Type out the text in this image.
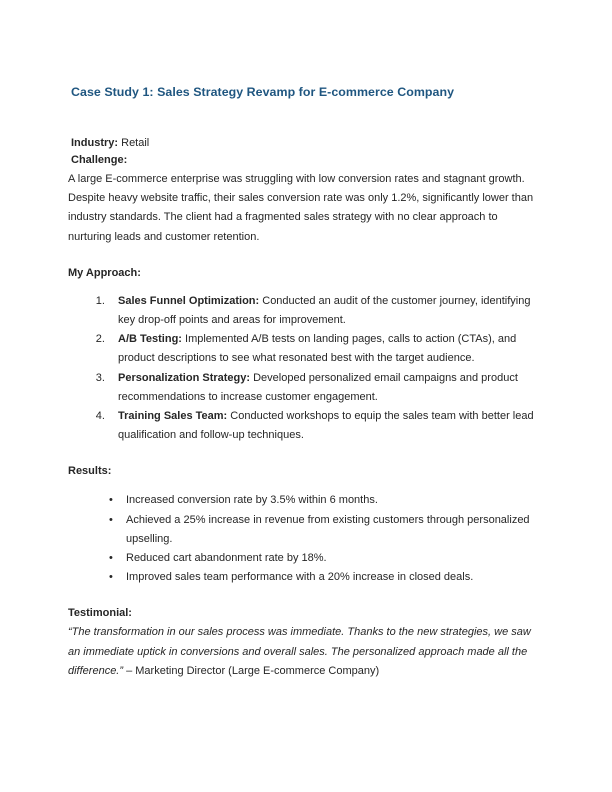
Case Study 1: Sales Strategy Revamp for E-commerce Company
Industry: Retail
Challenge:

A large E-commerce enterprise was struggling with low conversion rates and stagnant growth. Despite heavy website traffic, their sales conversion rate was only 1.2%, significantly lower than industry standards. The client had a fragmented sales strategy with no clear approach to nurturing leads and customer retention.

My Approach:
1. Sales Funnel Optimization: Conducted an audit of the customer journey, identifying key drop-off points and areas for improvement.
2. A/B Testing: Implemented A/B tests on landing pages, calls to action (CTAs), and product descriptions to see what resonated best with the target audience.
3. Personalization Strategy: Developed personalized email campaigns and product recommendations to increase customer engagement.
4. Training Sales Team: Conducted workshops to equip the sales team with better lead qualification and follow-up techniques.
Results:
• Increased conversion rate by 3.5% within 6 months.
• Achieved a 25% increase in revenue from existing customers through personalized upselling.
• Reduced cart abandonment rate by 18%.
• Improved sales team performance with a 20% increase in closed deals.
Testimonial:

“The transformation in our sales process was immediate. Thanks to the new strategies, we saw an immediate uptick in conversions and overall sales. The personalized approach made all the difference.” – Marketing Director (Large E-commerce Company)
